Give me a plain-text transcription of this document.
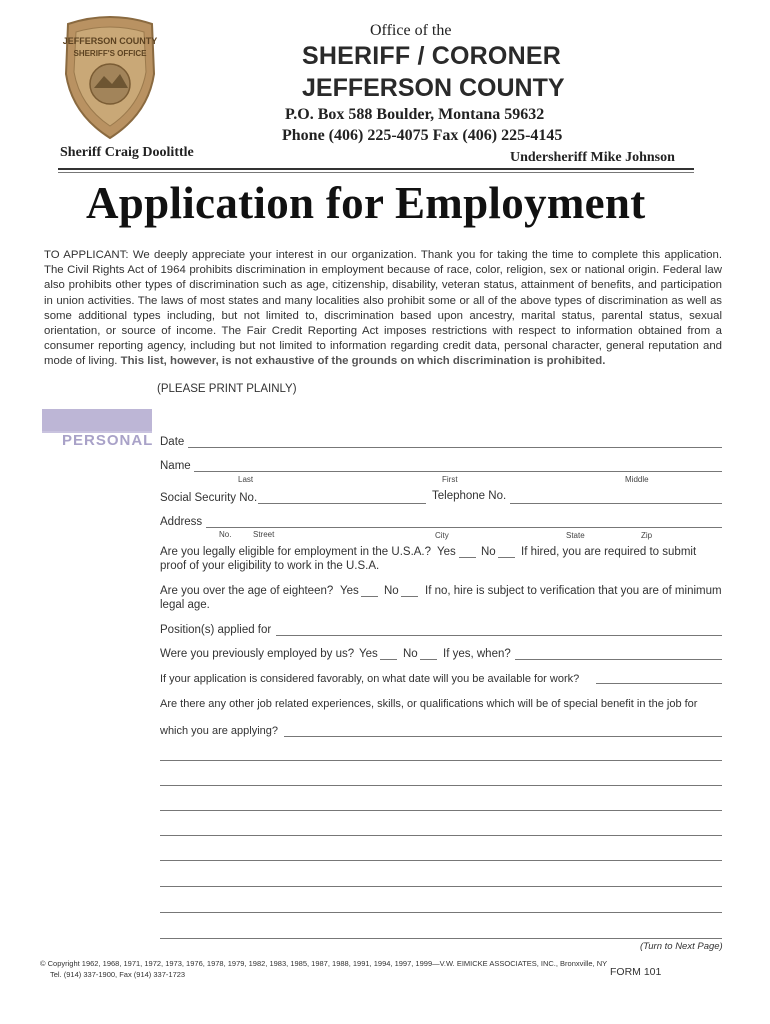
JEFFERSON COUNTY
SHERIFF'S OFFICE
Office of the
SHERIFF / CORONER
JEFFERSON COUNTY
P.O. Box 588 Boulder, Montana 59632
Phone (406) 225-4075 Fax (406) 225-4145
Sheriff Craig Doolittle	Undersheriff Mike Johnson
Application for Employment
TO APPLICANT: We deeply appreciate your interest in our organization. Thank you for taking the time to complete this application. The Civil Rights Act of 1964 prohibits discrimination in employment because of race, color, religion, sex or national origin. Federal law also prohibits other types of discrimination such as age, citizenship, disability, veteran status, attainment of benefits, and participation in union activities. The laws of most states and many localities also prohibit some or all of the above types of discrimination as well as some additional types including, but not limited to, discrimination based upon ancestry, marital status, parental status, sexual orientation, or source of income. The Fair Credit Reporting Act imposes restrictions with respect to information obtained from a consumer reporting agency, including but not limited to information regarding credit data, personal character, general reputation and mode of living. This list, however, is not exhaustive of the grounds on which discrimination is prohibited.
(PLEASE PRINT PLAINLY)
PERSONAL Date
Name
Last	First	Middle
Social Security No.	Telephone No.
Address
No.	Street	City	State	Zip
Are you legally eligible for employment in the U.S.A.? Yes No If hired, you are required to submit
proof of your eligibility to work in the U.S.A.
Are you over the age of eighteen? Yes No If no, hire is subject to verification that you are of minimum
legal age.
Position(s) applied for
Were you previously employed by us? Yes No If yes, when?
If your application is considered favorably, on what date will you be available for work?
Are there any other job related experiences, skills, or qualifications which will be of special benefit in the job for
which you are applying?
(Turn to Next Page)
© Copyright 1962, 1968, 1971, 1972, 1973, 1976, 1978, 1979, 1982, 1983, 1985, 1987, 1988, 1991, 1994, 1997, 1999—V.W. EIMICKE ASSOCIATES, INC., Bronxville, NY
Tel. (914) 337-1900, Fax (914) 337-1723	FORM 101
